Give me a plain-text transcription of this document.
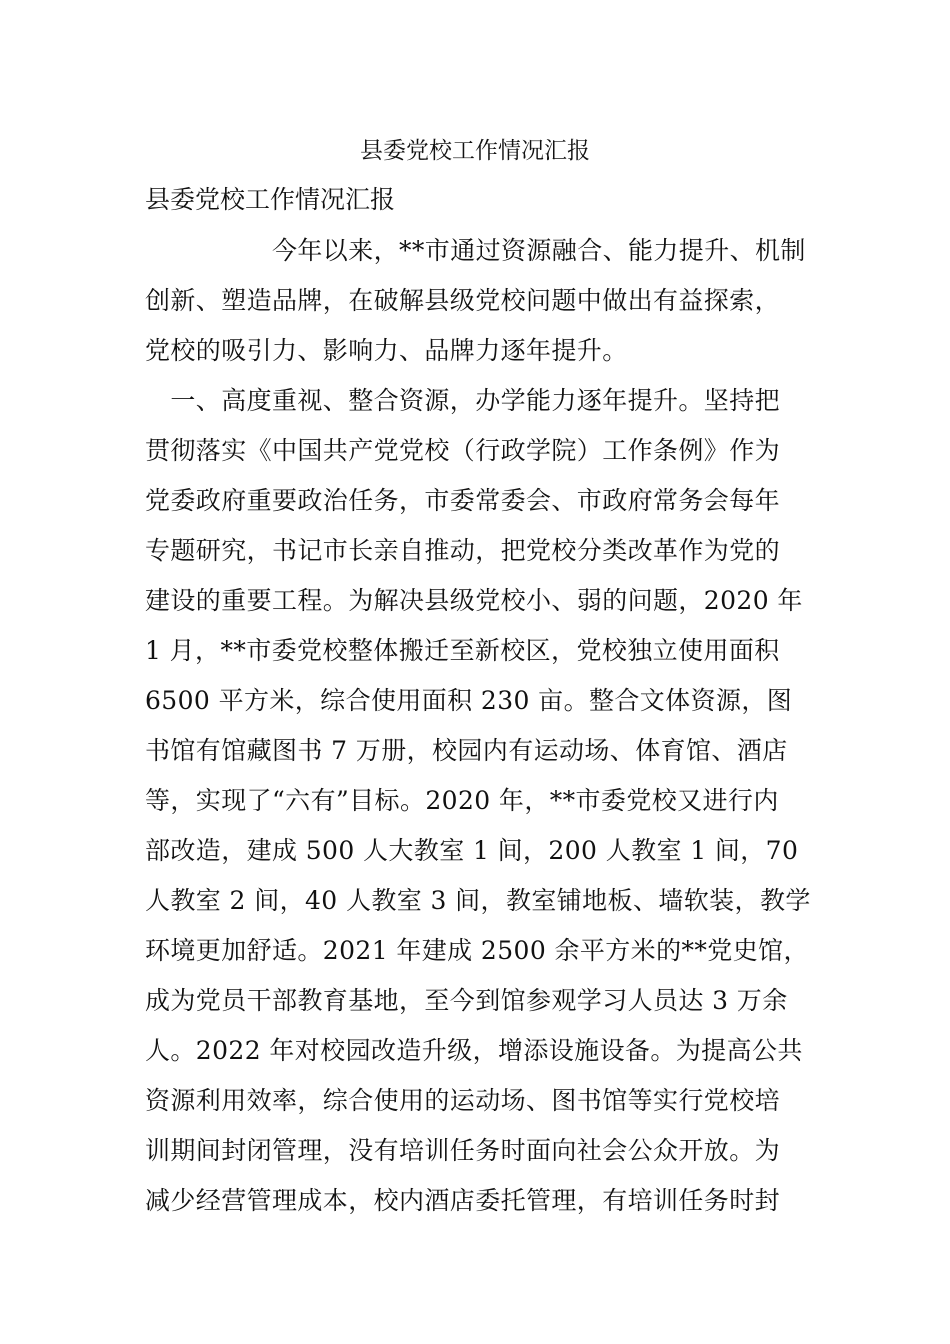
县委党校工作情况汇报
县委党校工作情况汇报
　　　　　今年以来，**市通过资源融合、能力提升、机制
创新、塑造品牌，在破解县级党校问题中做出有益探索，
党校的吸引力、影响力、品牌力逐年提升。
　一、高度重视、整合资源，办学能力逐年提升。坚持把
贯彻落实《中国共产党党校（行政学院）工作条例》作为
党委政府重要政治任务，市委常委会、市政府常务会每年
专题研究，书记市长亲自推动，把党校分类改革作为党的
建设的重要工程。为解决县级党校小、弱的问题，2020 年
1 月，**市委党校整体搬迁至新校区，党校独立使用面积
6500 平方米，综合使用面积 230 亩。整合文体资源，图
书馆有馆藏图书 7 万册，校园内有运动场、体育馆、酒店
等，实现了“六有”目标。2020 年，**市委党校又进行内
部改造，建成 500 人大教室 1 间，200 人教室 1 间，70
人教室 2 间，40 人教室 3 间，教室铺地板、墙软装，教学
环境更加舒适。2021 年建成 2500 余平方米的**党史馆，
成为党员干部教育基地，至今到馆参观学习人员达 3 万余
人。2022 年对校园改造升级，增添设施设备。为提高公共
资源利用效率，综合使用的运动场、图书馆等实行党校培
训期间封闭管理，没有培训任务时面向社会公众开放。为
减少经营管理成本，校内酒店委托管理，有培训任务时封
